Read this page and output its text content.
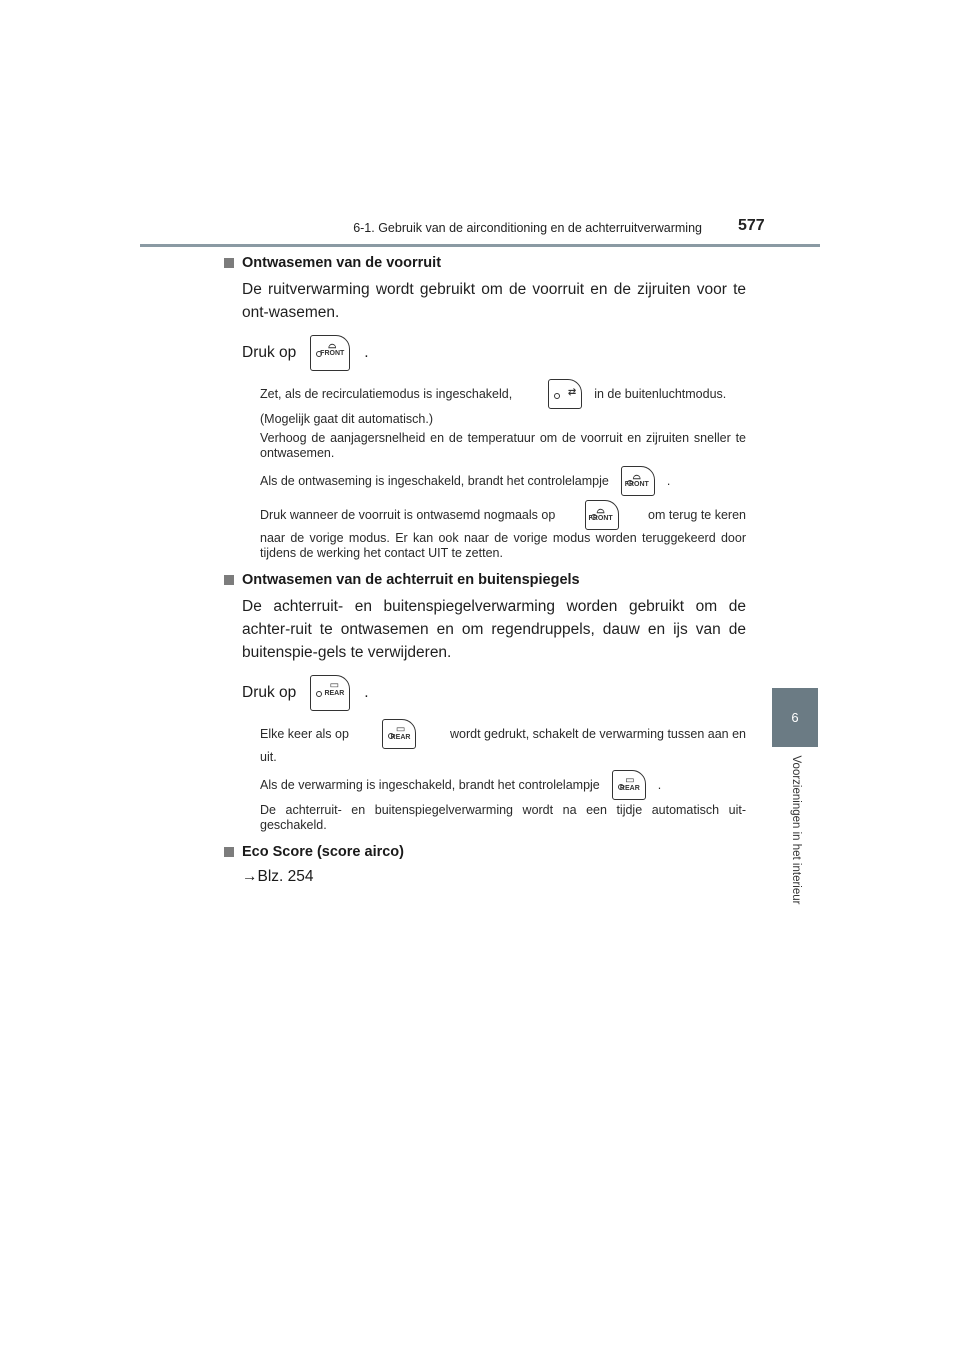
6-1. Gebruik van de airconditioning en de achterruitverwarming 577
6
Voorzieningen in het interieur
Ontwasemen van de voorruit
De ruitverwarming wordt gebruikt om de voorruit en de zijruiten voor te ont-wasemen.
Druk op	⌓
FRONT .
Zet, als de recirculatiemodus is ingeschakeld,	⇄ in de buitenluchtmodus.
(Mogelijk gaat dit automatisch.)
Verhoog de aanjagersnelheid en de temperatuur om de voorruit en zijruiten sneller te ontwasemen.
Als de ontwaseming is ingeschakeld, brandt het controlelampje	⌓
FRONT .
Druk wanneer de voorruit is ontwasemd nogmaals op	⌓
FRONT	om terug te keren
naar de vorige modus. Er kan ook naar de vorige modus worden teruggekeerd door tijdens de werking het contact UIT te zetten.
Ontwasemen van de achterruit en buitenspiegels
De achterruit- en buitenspiegelverwarming worden gebruikt om de achter-ruit te ontwasemen en om regendruppels, dauw en ijs van de buitenspie-gels te verwijderen.
Druk op	▭
REAR .
Elke keer als op	▭
REAR	wordt gedrukt, schakelt de verwarming tussen aan en
uit.
Als de verwarming is ingeschakeld, brandt het controlelampje	▭
REAR .
De achterruit- en buitenspiegelverwarming wordt na een tijdje automatisch uit-geschakeld.
Eco Score (score airco)
→Blz. 254
